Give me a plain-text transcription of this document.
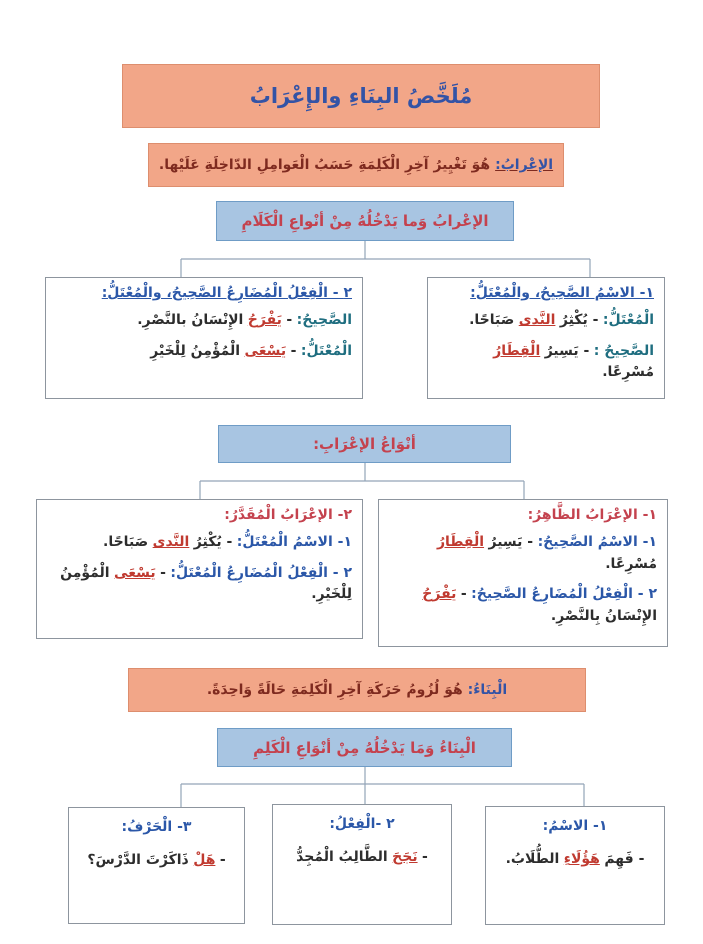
مُلَخَّصُ البِنَاءِ والإِعْرَابُ
الإعْرابُ:
هُوَ تَغْيِيرُ آخِرِ الْكَلِمَةِ حَسَبُ الْعَوامِلِ الدّاخِلَةِ عَلَيْها.
الإعْرابُ وَما يَدْخُلُهُ مِنْ أنْواعِ الْكَلَامِ
١- الاسْمُ الصَّحِيحُ، والْمُعْتَلُّ:
الْمُعْتَلُّ: - يُكْثِرُ النَّدى صَبَاحًا.
الصَّحِيحُ : - يَسِيرُ الْقِطَارُ مُسْرِعًا.
٢ - الْفِعْلُ الْمُضَارِعُ الصَّحِيحُ، والْمُعْتَلُّ:
الصَّحِيحُ: - يَفْرَحُ الإِنْسَانُ بالنَّصْرِ.
الْمُعْتَلُّ: - يَسْعَى الْمُؤْمِنُ لِلْخَيْرِ
أنْوَاعُ الإعْرَابِ:
١- الإعْرَابُ الظَّاهِرُ:
١- الاسْمُ الصَّحِيحُ: - يَسِيرُ الْقِطَارُ مُسْرِعًا.
٢ - الْفِعْلُ الْمُضَارِعُ الصَّحِيحُ: - يَفْرَحُ الإِنْسَانُ بِالنَّصْرِ.
٢- الإعْرَابُ الْمُقَدَّرُ:
١- الاسْمُ الْمُعْتَلُّ: - يُكْثِرُ النَّدى صَبَاحًا.
٢ - الْفِعْلُ الْمُضَارِعُ الْمُعْتَلُّ: - يَسْعَى الْمُؤْمِنُ لِلْخَيْرِ.
الْبِنَاءُ:
هُوَ لُزُومُ حَرَكَةِ آخِرِ الْكَلِمَةِ حَالَةً وَاحِدَةً.
الْبِنَاءُ وَمَا يَدْخُلُهُ مِنْ أنْوَاعِ الْكَلِمِ
١- الاسْمُ:
- فَهِمَ هَؤُلَاءِ الطُّلَابُ.
٢ -الْفِعْلُ:
- نَجَحَ الطَّالِبُ الْمُجِدُّ
٣- الْحَرْفُ:
- هَلْ ذَاكَرْتَ الدَّرْسَ؟
